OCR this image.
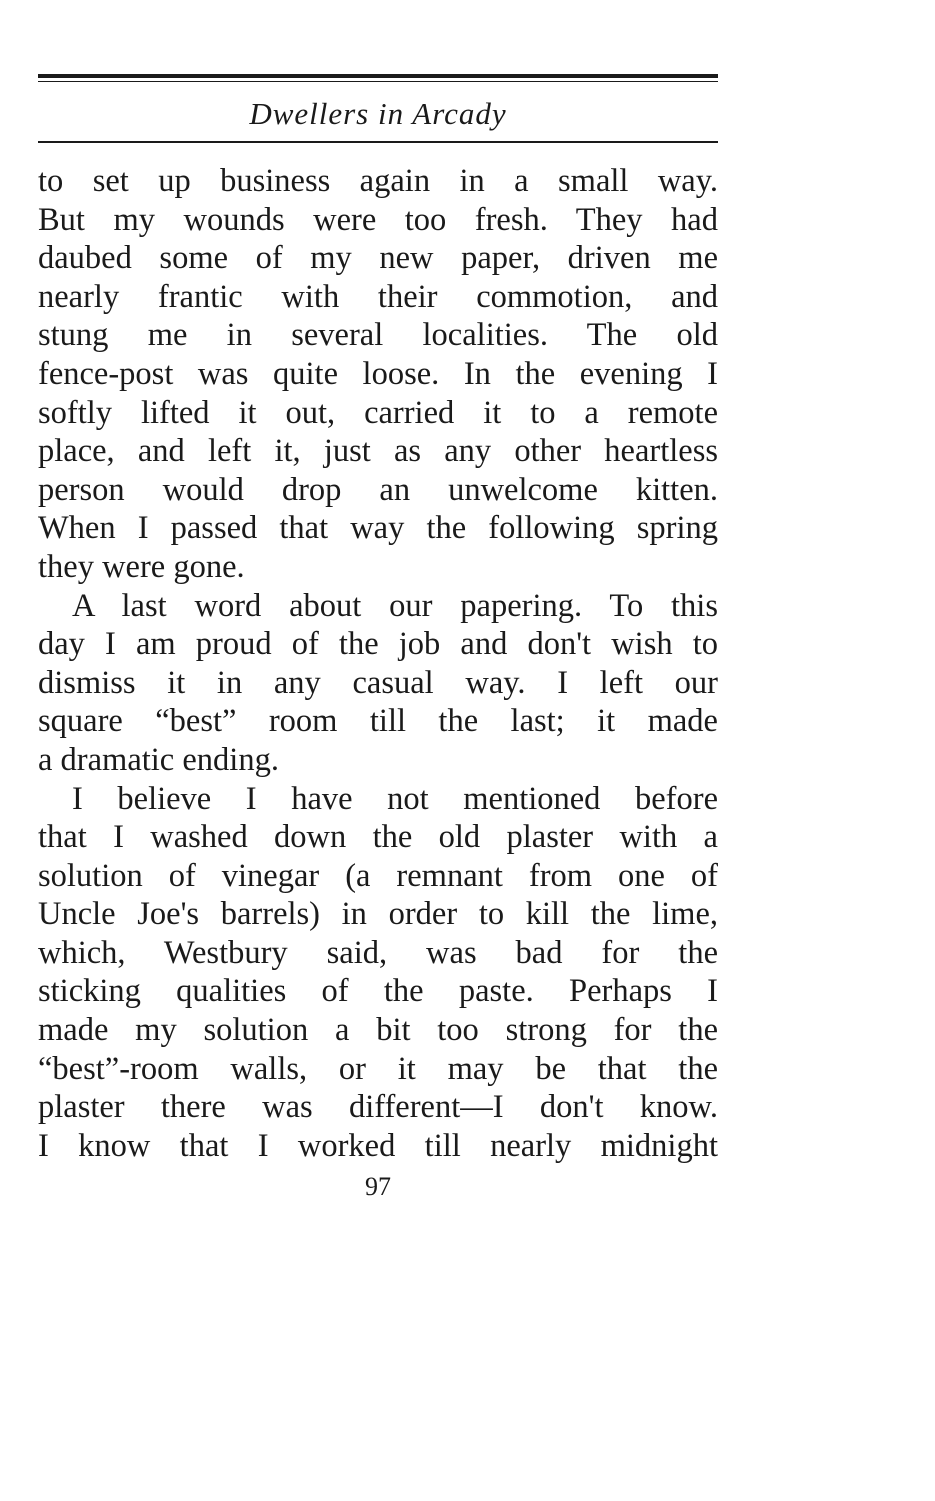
Dwellers in Arcady
to set up business again in a small way.
But my wounds were too fresh. They had
daubed some of my new paper, driven me
nearly frantic with their commotion, and
stung me in several localities. The old
fence-post was quite loose. In the evening I
softly lifted it out, carried it to a remote
place, and left it, just as any other heartless
person would drop an unwelcome kitten.
When I passed that way the following spring
they were gone.
A last word about our papering. To this
day I am proud of the job and don't wish to
dismiss it in any casual way. I left our
square “best” room till the last; it made
a dramatic ending.
I believe I have not mentioned before
that I washed down the old plaster with a
solution of vinegar (a remnant from one of
Uncle Joe's barrels) in order to kill the lime,
which, Westbury said, was bad for the
sticking qualities of the paste. Perhaps I
made my solution a bit too strong for the
“best”-room walls, or it may be that the
plaster there was different—I don't know.
I know that I worked till nearly midnight
97
